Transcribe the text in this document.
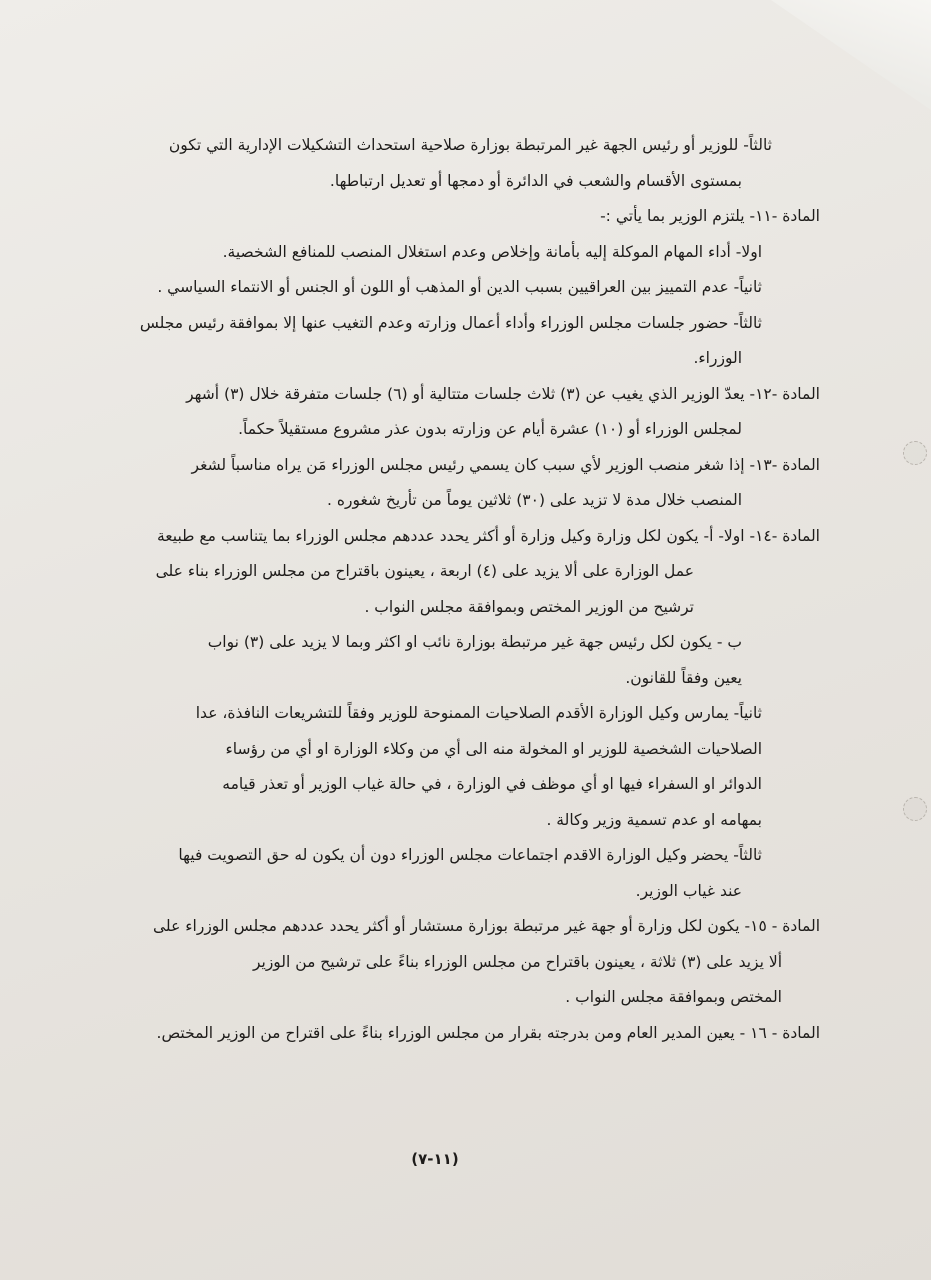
ثالثاً- للوزير أو رئيس الجهة غير المرتبطة بوزارة صلاحية استحداث التشكيلات الإدارية التي تكون
بمستوى الأقسام والشعب في الدائرة أو دمجها أو تعديل ارتباطها.
المادة -١١- يلتزم الوزير بما يأتي :-
اولا- أداء المهام الموكلة إليه بأمانة وإخلاص وعدم استغلال المنصب للمنافع الشخصية.
ثانياً- عدم التمييز بين العراقيين بسبب الدين أو المذهب أو اللون أو الجنس أو الانتماء السياسي .
ثالثاً- حضور جلسات مجلس الوزراء وأداء أعمال وزارته وعدم التغيب عنها إلا بموافقة رئيس مجلس
الوزراء.
المادة -١٢- يعدّ الوزير الذي يغيب عن (٣) ثلاث جلسات متتالية أو (٦) جلسات متفرقة خلال (٣) أشهر
لمجلس الوزراء أو (١٠) عشرة أيام عن وزارته بدون عذر مشروع مستقيلاً حكماً.
المادة -١٣- إذا شغر منصب الوزير لأي سبب كان يسمي رئيس مجلس الوزراء مَن يراه مناسباً لشغر
المنصب خلال مدة لا تزيد على (٣٠) ثلاثين يوماً من تأريخ شغوره .
المادة -١٤- اولا- أ- يكون لكل وزارة وكيل وزارة أو أكثر يحدد عددهم مجلس الوزراء بما يتناسب مع طبيعة
عمل الوزارة على ألا يزيد على (٤) اربعة ، يعينون باقتراح من مجلس الوزراء بناء على
ترشيح من الوزير المختص وبموافقة مجلس النواب .
ب - يكون لكل رئيس جهة غير مرتبطة بوزارة نائب او اكثر وبما لا يزيد على (٣) نواب
يعين وفقاً للقانون.
ثانياً- يمارس وكيل الوزارة الأقدم الصلاحيات الممنوحة للوزير وفقاً للتشريعات النافذة، عدا
الصلاحيات الشخصية للوزير او المخولة منه الى أي من وكلاء الوزارة او أي من رؤساء
الدوائر او السفراء فيها او أي موظف في الوزارة ، في حالة غياب الوزير أو تعذر قيامه
بمهامه او عدم تسمية وزير وكالة .
ثالثاً- يحضر وكيل الوزارة الاقدم اجتماعات مجلس الوزراء دون أن يكون له حق التصويت فيها
عند غياب الوزير.
المادة - ١٥- يكون لكل وزارة أو جهة غير مرتبطة بوزارة مستشار أو أكثر يحدد عددهم مجلس الوزراء على
ألا يزيد على (٣) ثلاثة ، يعينون باقتراح من مجلس الوزراء بناءً على ترشيح من الوزير
المختص وبموافقة مجلس النواب .
المادة - ١٦ - يعين المدير العام ومن بدرجته بقرار من مجلس الوزراء بناءً على اقتراح من الوزير المختص.
(١١-٧)
